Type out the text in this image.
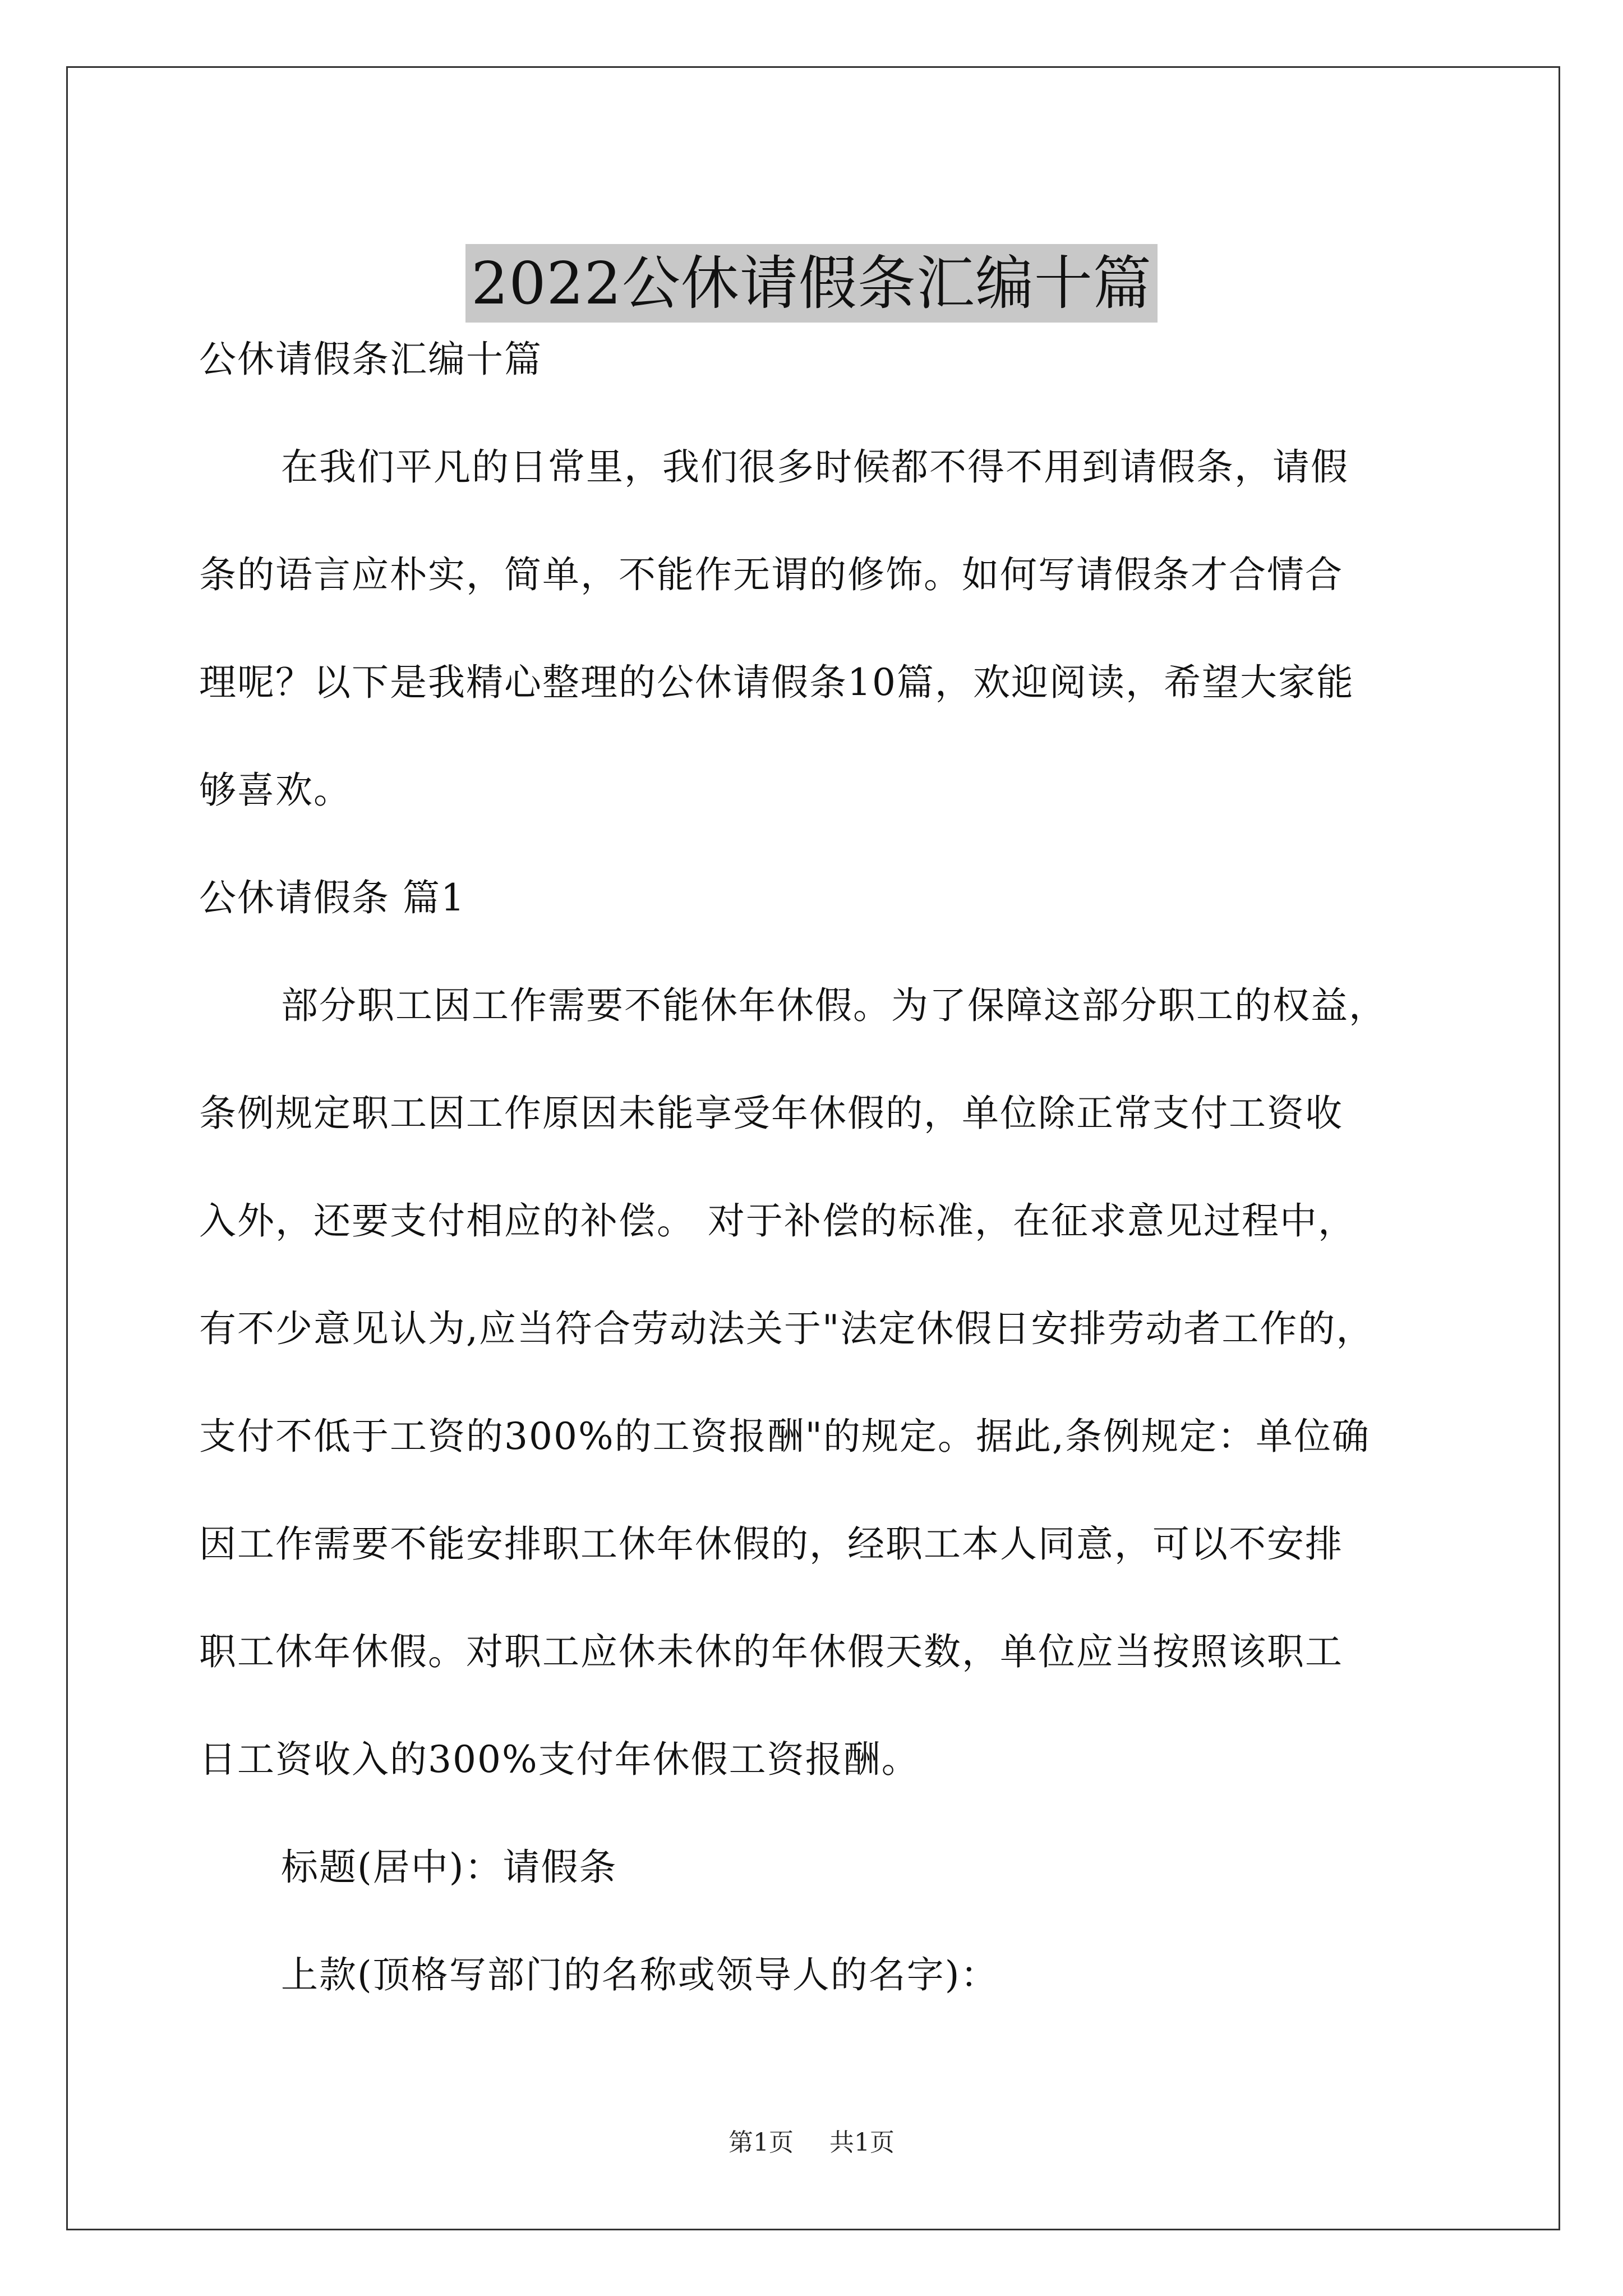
2022公休请假条汇编十篇
公休请假条汇编十篇
在我们平凡的日常里，我们很多时候都不得不用到请假条，请假
条的语言应朴实，简单，不能作无谓的修饰。如何写请假条才合情合
理呢？以下是我精心整理的公休请假条10篇，欢迎阅读，希望大家能
够喜欢。
公休请假条 篇1
部分职工因工作需要不能休年休假。为了保障这部分职工的权益，
条例规定职工因工作原因未能享受年休假的，单位除正常支付工资收
入外，还要支付相应的补偿。 对于补偿的标准，在征求意见过程中，
有不少意见认为,应当符合劳动法关于"法定休假日安排劳动者工作的，
支付不低于工资的300%的工资报酬"的规定。据此,条例规定：单位确
因工作需要不能安排职工休年休假的，经职工本人同意，可以不安排
职工休年休假。对职工应休未休的年休假天数，单位应当按照该职工
日工资收入的300%支付年休假工资报酬。
标题(居中)：请假条
上款(顶格写部门的名称或领导人的名字)：
第1页 共1页
